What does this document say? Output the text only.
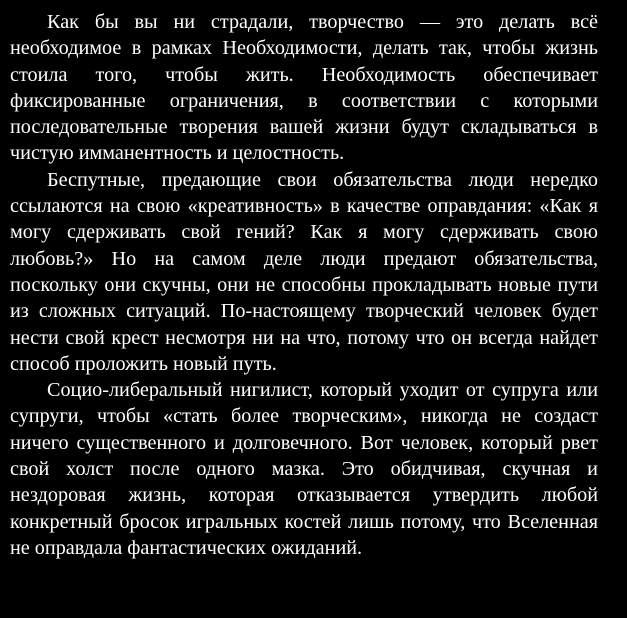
Как бы вы ни страдали, творчество — это делать всё необходимое в рамках Необходимости, делать так, чтобы жизнь стоила того, чтобы жить. Необходимость обеспечивает фиксированные ограничения, в соответствии с которыми последовательные творения вашей жизни будут складываться в чистую имманентность и целостность.

Беспутные, предающие свои обязательства люди нередко ссылаются на свою «креативность» в качестве оправдания: «Как я могу сдерживать свой гений? Как я могу сдерживать свою любовь?» Но на самом деле люди предают обязательства, поскольку они скучны, они не способны прокладывать новые пути из сложных ситуаций. По-настоящему творческий человек будет нести свой крест несмотря ни на что, потому что он всегда найдет способ проложить новый путь.

Социо-либеральный нигилист, который уходит от супруга или супруги, чтобы «стать более творческим», никогда не создаст ничего существенного и долговечного. Вот человек, который рвет свой холст после одного мазка. Это обидчивая, скучная и нездоровая жизнь, которая отказывается утвердить любой конкретный бросок игральных костей лишь потому, что Вселенная не оправдала фантастических ожиданий.
